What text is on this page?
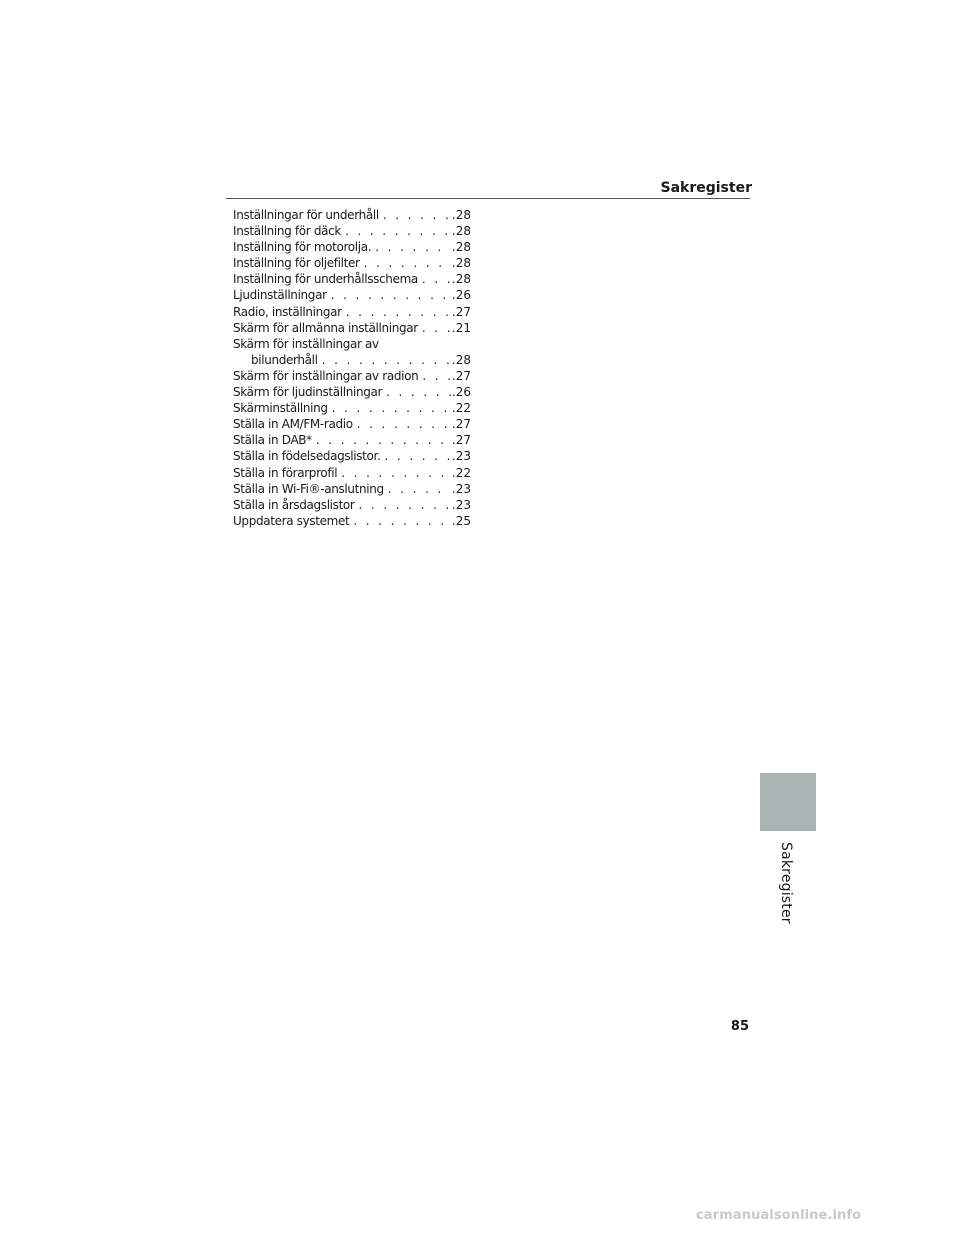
Sakregister
Inställningar för underhåll . . .	.28
Inställning för däck . . .	.28
Inställning för motorolja. . . .	.28
Inställning för oljefilter . . .	.28
Inställning för underhållsschema . . .	.28
Ljudinställningar . . .	.26
Radio, inställningar . . .	.27
Skärm för allmänna inställningar . . .	.21
Skärm för inställningar av
bilunderhåll . . .	.28
Skärm för inställningar av radion . . .	.27
Skärm för ljudinställningar . . .	.26
Skärminställning . . .	.22
Ställa in AM/FM-radio . . .	.27
Ställa in DAB* . . .	.27
Ställa in födelsedagslistor. . . .	.23
Ställa in förarprofil . . .	.22
Ställa in Wi-Fi®-anslutning . . .	.23
Ställa in årsdagslistor . . .	.23
Uppdatera systemet . . .	.25
Sakregister
85
carmanualsonline.info
